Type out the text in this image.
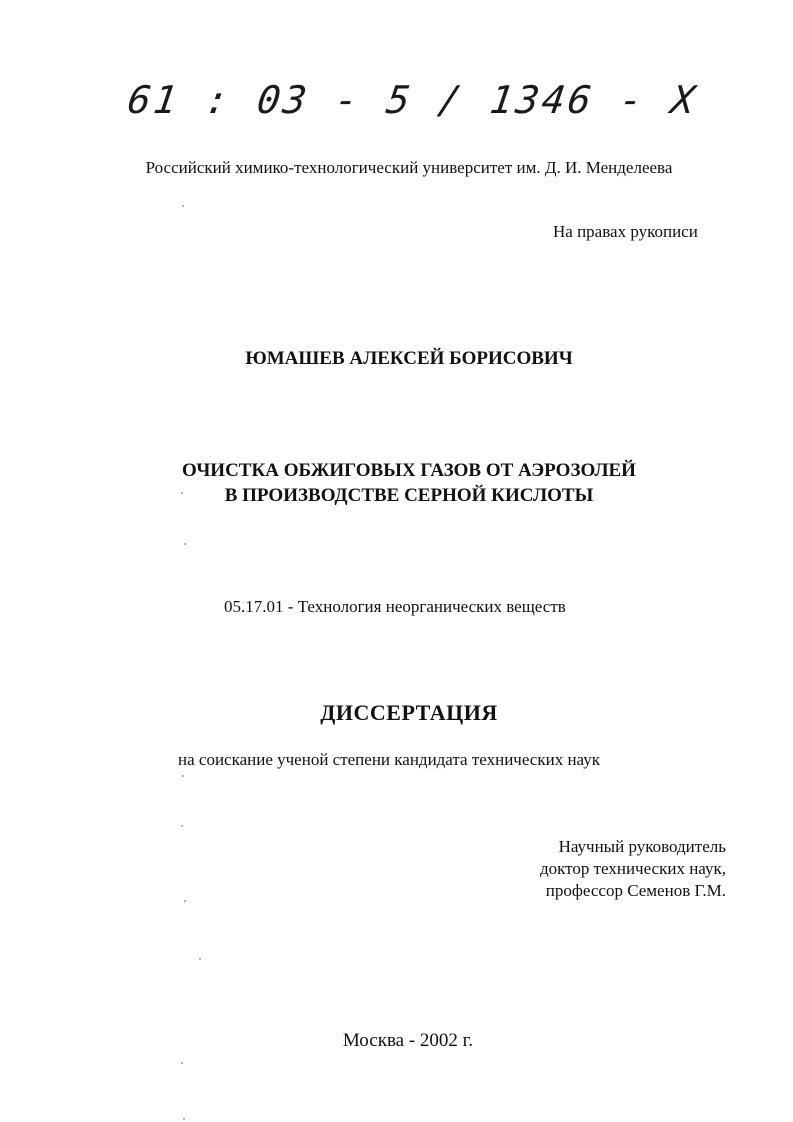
61 : 03 - 5 / 1346 - X
Российский химико-технологический университет им. Д. И. Менделеева
На правах рукописи
ЮМАШЕВ АЛЕКСЕЙ БОРИСОВИЧ
ОЧИСТКА ОБЖИГОВЫХ ГАЗОВ ОТ АЭРОЗОЛЕЙ
В ПРОИЗВОДСТВЕ СЕРНОЙ КИСЛОТЫ
05.17.01 - Технология неорганических веществ
ДИССЕРТАЦИЯ
на соискание ученой степени кандидата технических наук
Научный руководитель
доктор технических наук,
профессор Семенов Г.М.
Москва - 2002 г.
